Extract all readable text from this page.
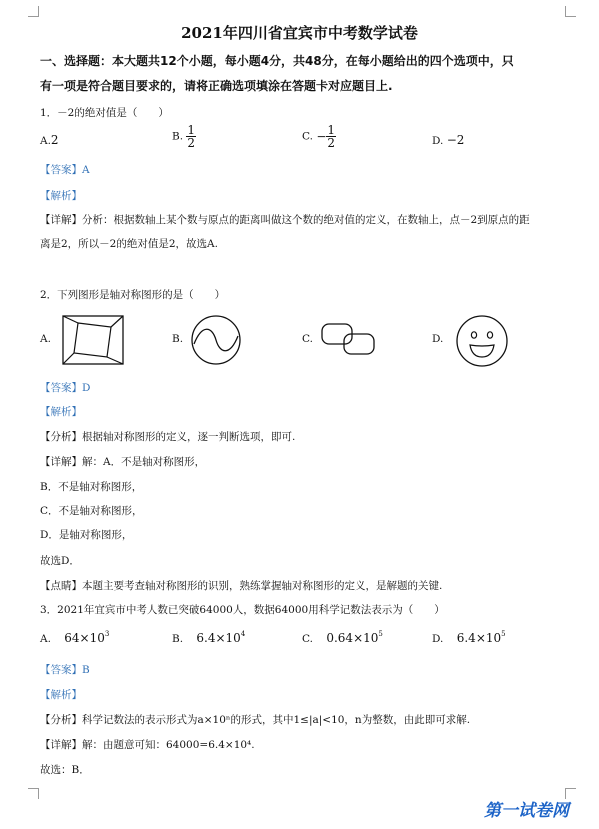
2021年四川省宜宾市中考数学试卷
一、选择题：本大题共12个小题，每小题4分，共48分，在每小题给出的四个选项中，只
有一项是符合题目要求的，请将正确选项填涂在答题卡对应题目上.
1．－2的绝对值是（　　）
A.2	B. $\frac{1}{2}$	C. − $\frac{1}{2}$	D. −2
【答案】A
【解析】
【详解】分析：根据数轴上某个数与原点的距离叫做这个数的绝对值的定义，在数轴上，点－2到原点的距
离是2，所以－2的绝对值是2，故选A.
2．下列图形是轴对称图形的是（　　）
A.	B.	C.	D.
【答案】D
【解析】
【分析】根据轴对称图形的定义，逐一判断选项，即可.
【详解】解：A．不是轴对称图形，
B．不是轴对称图形，
C．不是轴对称图形，
D．是轴对称图形，
故选D．
【点睛】本题主要考查轴对称图形的识别，熟练掌握轴对称图形的定义，是解题的关键.
3．2021年宜宾市中考人数已突破64000人，数据64000用科学记数法表示为（　　）
A. $64\times 10^3$	B. $6.4\times 10^4$	C. $0.64\times 10^5$	D. $6.4\times 10^5$
【答案】B
【解析】
【分析】科学记数法的表示形式为a×10ⁿ的形式，其中1≤|a|<10，n为整数，由此即可求解.
【详解】解：由题意可知：64000=6.4×10⁴.
故选：B．
第一试卷网
